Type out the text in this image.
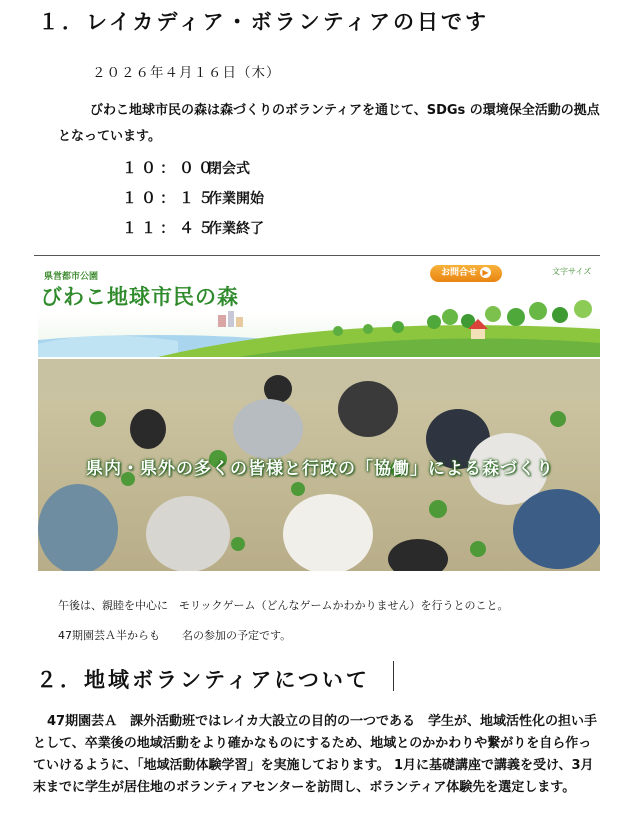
１．レイカディア・ボランティアの日です
２０２６年４月１６日（木）
びわこ地球市民の森は森づくりのボランティアを通じて、SDGs の環境保全活動の拠点となっています。
１０：００閉会式
１０：１５作業開始
１１：４５作業終了
県営都市公園
びわこ地球市民の森
お問合せ ▶	文字サイズ
県内・県外の多くの皆様と行政の「協働」による森づくり
午後は、親睦を中心に　モリックゲーム（どんなゲームかわかりません）を行うとのこと。
47期園芸Ａ半からも　　名の参加の予定です。
２．地域ボランティアについて
47期園芸Ａ　課外活動班ではレイカ大設立の目的の一つである　学生が、地域活性化の担い手として、卒業後の地域活動をより確かなものにするため、地域とのかかわりや繋がりを自ら作っていけるように、「地域活動体験学習」を実施しております。 1月に基礎講座で講義を受け、3月末までに学生が居住地のボランティアセンターを訪問し、ボランティア体験先を選定します。
